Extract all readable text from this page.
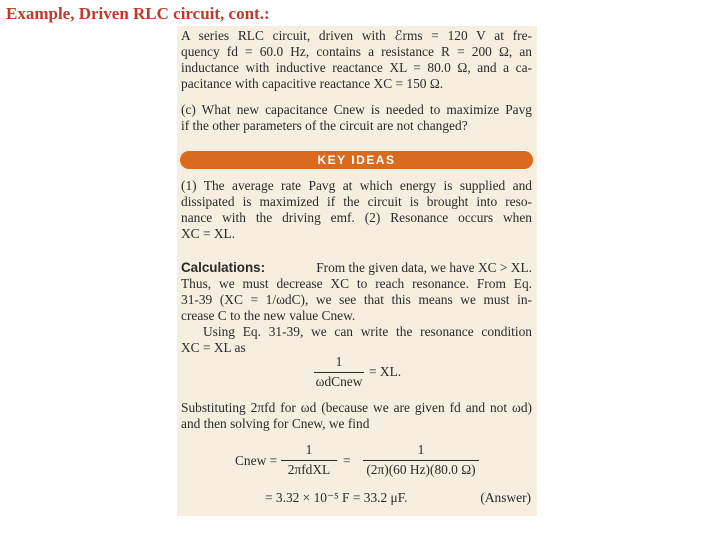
Example, Driven RLC circuit, cont.:
A series RLC circuit, driven with ℰrms = 120 V at fre-
quency fd = 60.0 Hz, contains a resistance R = 200 Ω, an
inductance with inductive reactance XL = 80.0 Ω, and a ca-
pacitance with capacitive reactance XC = 150 Ω.
(c) What new capacitance Cnew is needed to maximize Pavg
if the other parameters of the circuit are not changed?
KEY IDEAS
(1) The average rate Pavg at which energy is supplied and
dissipated is maximized if the circuit is brought into reso-
nance with the driving emf. (2) Resonance occurs when
XC = XL.
Calculations:	From the given data, we have XC > XL.
Thus, we must decrease XC to reach resonance. From Eq.
31-39 (XC = 1/ωdC), we see that this means we must in-
crease C to the new value Cnew.
Using Eq. 31-39, we can write the resonance condition
XC = XL as
1
ωdCnew
= XL.
Substituting 2πfd for ωd (because we are given fd and not ωd)
and then solving for Cnew, we find
Cnew =
1
2πfdXL
=
1
(2π)(60 Hz)(80.0 Ω)
= 3.32 × 10⁻⁵ F = 33.2 μF.	(Answer)
